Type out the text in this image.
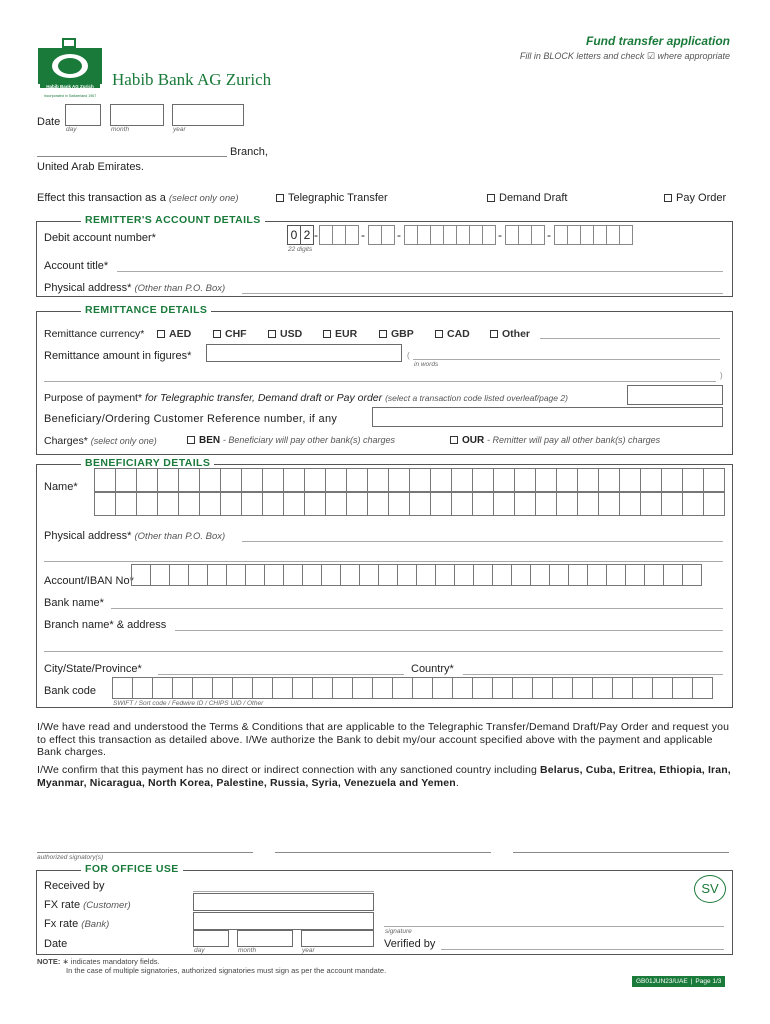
Habib Bank AG Zurich
Incorporated in Switzerland 1967
Habib Bank AG Zurich
Fund transfer application
Fill in BLOCK letters and check ☑ where appropriate
Date
day	month	year
Branch,
United Arab Emirates.
Effect this transaction as a (select only one)	Telegraphic Transfer	Demand Draft	Pay Order
REMITTER'S ACCOUNT DETAILS
Debit account number*	0 2 -	-	-	-	-
22 digits
Account title*
Physical address* (Other than P.O. Box)
REMITTANCE DETAILS
Remittance currency*	AED	CHF	USD	EUR	GBP	CAD	Other
Remittance amount in figures*	(
in words
)
Purpose of payment* for Telegraphic transfer, Demand draft or Pay order (select a transaction code listed overleaf/page 2)
Beneficiary/Ordering Customer Reference number, if any
Charges* (select only one)	BEN - Beneficiary will pay other bank(s) charges	OUR - Remitter will pay all other bank(s) charges
BENEFICIARY DETAILS
Name*
Physical address* (Other than P.O. Box)
Account/IBAN No*
Bank name*
Branch name* & address
City/State/Province*	Country*
Bank code
SWIFT / Sort code / Fedwire ID / CHIPS UID / Other
I/We have read and understood the Terms & Conditions that are applicable to the Telegraphic Transfer/Demand Draft/Pay Order and request you to effect this transaction as detailed above. I/We authorize the Bank to debit my/our account specified above with the payment and applicable Bank charges.
I/We confirm that this payment has no direct or indirect connection with any sanctioned country including Belarus, Cuba, Eritrea, Ethiopia, Iran, Myanmar, Nicaragua, North Korea, Palestine, Russia, Syria, Venezuela and Yemen.
authorized signatory(s)
FOR OFFICE USE
Received by
FX rate (Customer)
Fx rate (Bank)
Date
day	month	year
SV
signature
Verified by
NOTE: ∗ indicates mandatory fields.
In the case of multiple signatories, authorized signatories must sign as per the account mandate.
GB01JUN23/UAE | Page 1/3
